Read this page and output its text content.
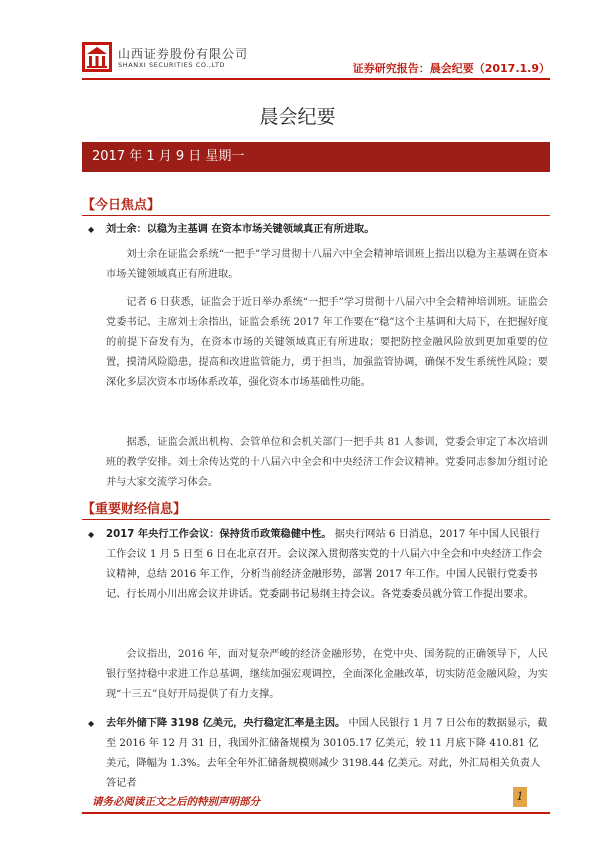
山西证券股份有限公司
SHANXI SECURITIES CO.,LTD	证券研究报告：晨会纪要（2017.1.9）
晨会纪要
2017 年 1 月 9 日 星期一
【今日焦点】
◆ 刘士余：以稳为主基调 在资本市场关键领域真正有所进取。
刘士余在证监会系统“一把手”学习贯彻十八届六中全会精神培训班上指出以稳为主基调在资本市场关键领域真正有所进取。
记者 6 日获悉，证监会于近日举办系统“一把手”学习贯彻十八届六中全会精神培训班。证监会党委书记、主席刘士余指出，证监会系统 2017 年工作要在“稳”这个主基调和大局下，在把握好度的前提下奋发有为，在资本市场的关键领域真正有所进取；要把防控金融风险放到更加重要的位置，摸清风险隐患，提高和改进监管能力，勇于担当，加强监管协调，确保不发生系统性风险；要深化多层次资本市场体系改革，强化资本市场基础性功能。
据悉，证监会派出机构、会管单位和会机关部门一把手共 81 人参训，党委会审定了本次培训班的教学安排。刘士余传达党的十八届六中全会和中央经济工作会议精神。党委同志参加分组讨论并与大家交流学习体会。
【重要财经信息】
◆ 2017 年央行工作会议：保持货币政策稳健中性。 据央行网站 6 日消息，2017 年中国人民银行工作会议 1 月 5 日至 6 日在北京召开。会议深入贯彻落实党的十八届六中全会和中央经济工作会议精神，总结 2016 年工作，分析当前经济金融形势，部署 2017 年工作。中国人民银行党委书记、行长周小川出席会议并讲话。党委副书记易纲主持会议。各党委委员就分管工作提出要求。
会议指出，2016 年，面对复杂严峻的经济金融形势，在党中央、国务院的正确领导下，人民银行坚持稳中求进工作总基调，继续加强宏观调控，全面深化金融改革，切实防范金融风险，为实现“十三五”良好开局提供了有力支撑。
◆ 去年外储下降 3198 亿美元，央行稳定汇率是主因。 中国人民银行 1 月 7 日公布的数据显示，截至 2016 年 12 月 31 日，我国外汇储备规模为 30105.17 亿美元，较 11 月底下降 410.81 亿美元，降幅为 1.3%。去年全年外汇储备规模则减少 3198.44 亿美元。对此，外汇局相关负责人答记者
请务必阅读正文之后的特别声明部分	1
